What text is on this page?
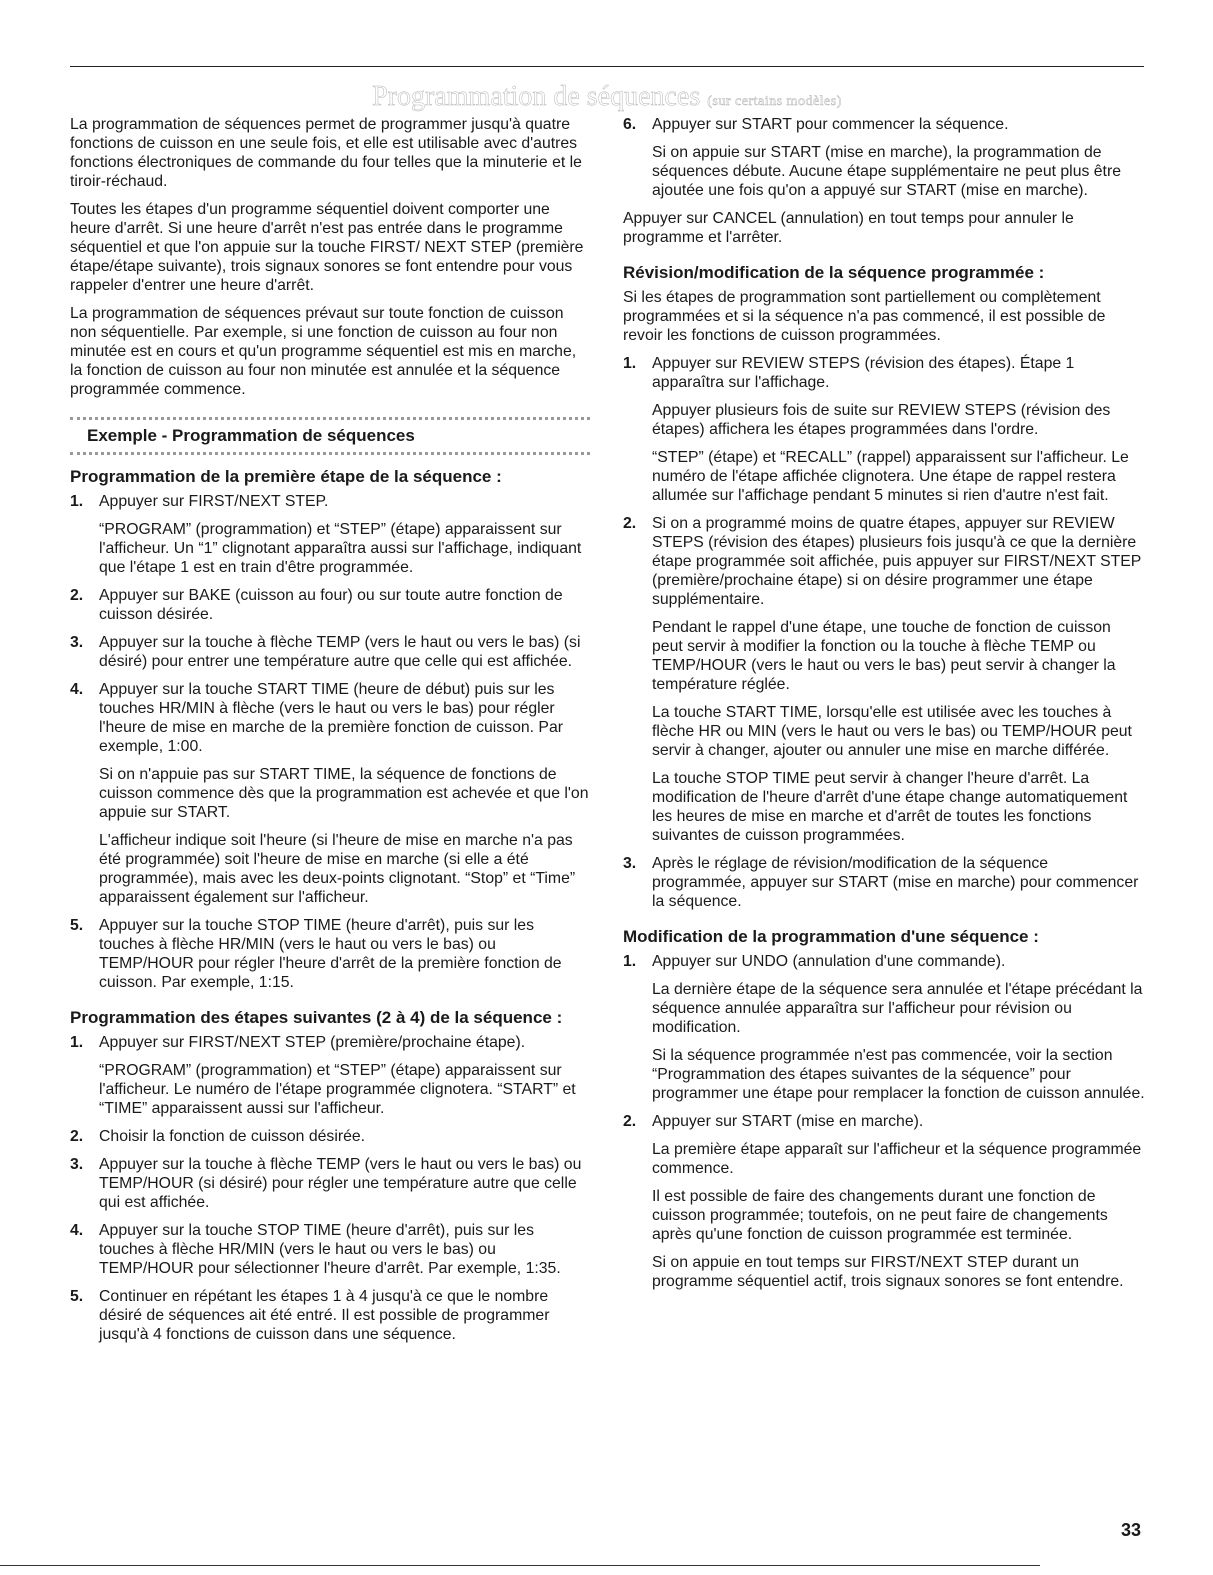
Programmation de séquences (sur certains modèles)

La programmation de séquences permet de programmer jusqu'à quatre fonctions de cuisson en une seule fois, et elle est utilisable avec d'autres fonctions électroniques de commande du four telles que la minuterie et le tiroir-réchaud.

Toutes les étapes d'un programme séquentiel doivent comporter une heure d'arrêt. Si une heure d'arrêt n'est pas entrée dans le programme séquentiel et que l'on appuie sur la touche FIRST/ NEXT STEP (première étape/étape suivante), trois signaux sonores se font entendre pour vous rappeler d'entrer une heure d'arrêt.

La programmation de séquences prévaut sur toute fonction de cuisson non séquentielle. Par exemple, si une fonction de cuisson au four non minutée est en cours et qu'un programme séquentiel est mis en marche, la fonction de cuisson au four non minutée est annulée et la séquence programmée commence.

Exemple - Programmation de séquences
Programmation de la première étape de la séquence :
1. Appuyer sur FIRST/NEXT STEP.

“PROGRAM” (programmation) et “STEP” (étape) apparaissent sur l'afficheur. Un “1” clignotant apparaîtra aussi sur l'affichage, indiquant que l'étape 1 est en train d'être programmée.

2. Appuyer sur BAKE (cuisson au four) ou sur toute autre fonction de cuisson désirée.

3. Appuyer sur la touche à flèche TEMP (vers le haut ou vers le bas) (si désiré) pour entrer une température autre que celle qui est affichée.

4. Appuyer sur la touche START TIME (heure de début) puis sur les touches HR/MIN à flèche (vers le haut ou vers le bas) pour régler l'heure de mise en marche de la première fonction de cuisson. Par exemple, 1:00.

Si on n'appuie pas sur START TIME, la séquence de fonctions de cuisson commence dès que la programmation est achevée et que l'on appuie sur START.

L'afficheur indique soit l'heure (si l'heure de mise en marche n'a pas été programmée) soit l'heure de mise en marche (si elle a été programmée), mais avec les deux-points clignotant. “Stop” et “Time” apparaissent également sur l'afficheur.

5. Appuyer sur la touche STOP TIME (heure d'arrêt), puis sur les touches à flèche HR/MIN (vers le haut ou vers le bas) ou TEMP/HOUR pour régler l'heure d'arrêt de la première fonction de cuisson. Par exemple, 1:15.

Programmation des étapes suivantes (2 à 4) de la séquence :
1. Appuyer sur FIRST/NEXT STEP (première/prochaine étape).

“PROGRAM” (programmation) et “STEP” (étape) apparaissent sur l'afficheur. Le numéro de l'étape programmée clignotera. “START” et “TIME” apparaissent aussi sur l'afficheur.

2. Choisir la fonction de cuisson désirée.

3. Appuyer sur la touche à flèche TEMP (vers le haut ou vers le bas) ou TEMP/HOUR (si désiré) pour régler une température autre que celle qui est affichée.

4. Appuyer sur la touche STOP TIME (heure d'arrêt), puis sur les touches à flèche HR/MIN (vers le haut ou vers le bas) ou TEMP/HOUR pour sélectionner l'heure d'arrêt. Par exemple, 1:35.

5. Continuer en répétant les étapes 1 à 4 jusqu'à ce que le nombre désiré de séquences ait été entré. Il est possible de programmer jusqu'à 4 fonctions de cuisson dans une séquence.

6. Appuyer sur START pour commencer la séquence.

Si on appuie sur START (mise en marche), la programmation de séquences débute. Aucune étape supplémentaire ne peut plus être ajoutée une fois qu'on a appuyé sur START (mise en marche).

Appuyer sur CANCEL (annulation) en tout temps pour annuler le programme et l'arrêter.

Révision/modification de la séquence programmée :

Si les étapes de programmation sont partiellement ou complètement programmées et si la séquence n'a pas commencé, il est possible de revoir les fonctions de cuisson programmées.

1. Appuyer sur REVIEW STEPS (révision des étapes). Étape 1 apparaîtra sur l'affichage.

Appuyer plusieurs fois de suite sur REVIEW STEPS (révision des étapes) affichera les étapes programmées dans l'ordre.

“STEP” (étape) et “RECALL” (rappel) apparaissent sur l'afficheur. Le numéro de l'étape affichée clignotera. Une étape de rappel restera allumée sur l'affichage pendant 5 minutes si rien d'autre n'est fait.

2. Si on a programmé moins de quatre étapes, appuyer sur REVIEW STEPS (révision des étapes) plusieurs fois jusqu'à ce que la dernière étape programmée soit affichée, puis appuyer sur FIRST/NEXT STEP (première/prochaine étape) si on désire programmer une étape supplémentaire.

Pendant le rappel d'une étape, une touche de fonction de cuisson peut servir à modifier la fonction ou la touche à flèche TEMP ou TEMP/HOUR (vers le haut ou vers le bas) peut servir à changer la température réglée.

La touche START TIME, lorsqu'elle est utilisée avec les touches à flèche HR ou MIN (vers le haut ou vers le bas) ou TEMP/HOUR peut servir à changer, ajouter ou annuler une mise en marche différée.

La touche STOP TIME peut servir à changer l'heure d'arrêt. La modification de l'heure d'arrêt d'une étape change automatiquement les heures de mise en marche et d'arrêt de toutes les fonctions suivantes de cuisson programmées.

3. Après le réglage de révision/modification de la séquence programmée, appuyer sur START (mise en marche) pour commencer la séquence.

Modification de la programmation d'une séquence :
1. Appuyer sur UNDO (annulation d'une commande).

La dernière étape de la séquence sera annulée et l'étape précédant la séquence annulée apparaîtra sur l'afficheur pour révision ou modification.

Si la séquence programmée n'est pas commencée, voir la section “Programmation des étapes suivantes de la séquence” pour programmer une étape pour remplacer la fonction de cuisson annulée.

2. Appuyer sur START (mise en marche).

La première étape apparaît sur l'afficheur et la séquence programmée commence.

Il est possible de faire des changements durant une fonction de cuisson programmée; toutefois, on ne peut faire de changements après qu'une fonction de cuisson programmée est terminée.

Si on appuie en tout temps sur FIRST/NEXT STEP durant un programme séquentiel actif, trois signaux sonores se font entendre.

33
